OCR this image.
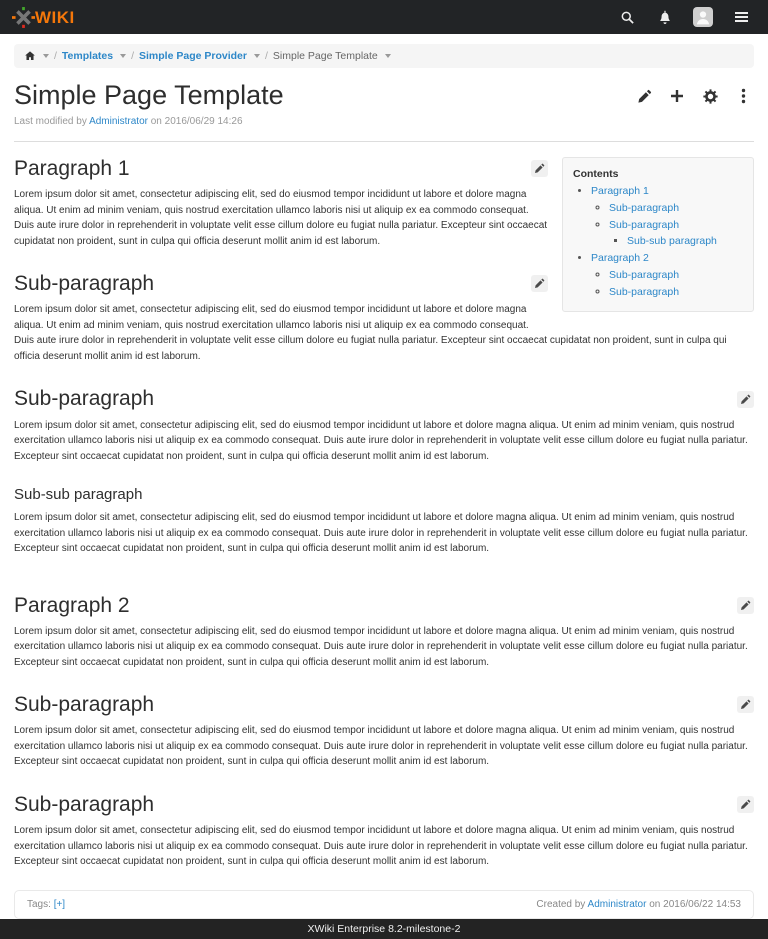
WIKI
/ Templates / Simple Page Provider / Simple Page Template
Simple Page Template

Last modified by Administrator on 2016/06/29 14:26

Contents
• Paragraph 1
◦ Sub-paragraph
◦ Sub-paragraph
▪ Sub-sub paragraph
• Paragraph 2
◦ Sub-paragraph
◦ Sub-paragraph
Paragraph 1

Lorem ipsum dolor sit amet, consectetur adipiscing elit, sed do eiusmod tempor incididunt ut labore et dolore magna aliqua. Ut enim ad minim veniam, quis nostrud exercitation ullamco laboris nisi ut aliquip ex ea commodo consequat. Duis aute irure dolor in reprehenderit in voluptate velit esse cillum dolore eu fugiat nulla pariatur. Excepteur sint occaecat cupidatat non proident, sunt in culpa qui officia deserunt mollit anim id est laborum.

Sub-paragraph

Lorem ipsum dolor sit amet, consectetur adipiscing elit, sed do eiusmod tempor incididunt ut labore et dolore magna aliqua. Ut enim ad minim veniam, quis nostrud exercitation ullamco laboris nisi ut aliquip ex ea commodo consequat. Duis aute irure dolor in reprehenderit in voluptate velit esse cillum dolore eu fugiat nulla pariatur. Excepteur sint occaecat cupidatat non proident, sunt in culpa qui officia deserunt mollit anim id est laborum.

Sub-paragraph

Lorem ipsum dolor sit amet, consectetur adipiscing elit, sed do eiusmod tempor incididunt ut labore et dolore magna aliqua. Ut enim ad minim veniam, quis nostrud exercitation ullamco laboris nisi ut aliquip ex ea commodo consequat. Duis aute irure dolor in reprehenderit in voluptate velit esse cillum dolore eu fugiat nulla pariatur. Excepteur sint occaecat cupidatat non proident, sunt in culpa qui officia deserunt mollit anim id est laborum.

Sub-sub paragraph

Lorem ipsum dolor sit amet, consectetur adipiscing elit, sed do eiusmod tempor incididunt ut labore et dolore magna aliqua. Ut enim ad minim veniam, quis nostrud exercitation ullamco laboris nisi ut aliquip ex ea commodo consequat. Duis aute irure dolor in reprehenderit in voluptate velit esse cillum dolore eu fugiat nulla pariatur. Excepteur sint occaecat cupidatat non proident, sunt in culpa qui officia deserunt mollit anim id est laborum.

Paragraph 2

Lorem ipsum dolor sit amet, consectetur adipiscing elit, sed do eiusmod tempor incididunt ut labore et dolore magna aliqua. Ut enim ad minim veniam, quis nostrud exercitation ullamco laboris nisi ut aliquip ex ea commodo consequat. Duis aute irure dolor in reprehenderit in voluptate velit esse cillum dolore eu fugiat nulla pariatur. Excepteur sint occaecat cupidatat non proident, sunt in culpa qui officia deserunt mollit anim id est laborum.

Sub-paragraph

Lorem ipsum dolor sit amet, consectetur adipiscing elit, sed do eiusmod tempor incididunt ut labore et dolore magna aliqua. Ut enim ad minim veniam, quis nostrud exercitation ullamco laboris nisi ut aliquip ex ea commodo consequat. Duis aute irure dolor in reprehenderit in voluptate velit esse cillum dolore eu fugiat nulla pariatur. Excepteur sint occaecat cupidatat non proident, sunt in culpa qui officia deserunt mollit anim id est laborum.

Sub-paragraph

Lorem ipsum dolor sit amet, consectetur adipiscing elit, sed do eiusmod tempor incididunt ut labore et dolore magna aliqua. Ut enim ad minim veniam, quis nostrud exercitation ullamco laboris nisi ut aliquip ex ea commodo consequat. Duis aute irure dolor in reprehenderit in voluptate velit esse cillum dolore eu fugiat nulla pariatur. Excepteur sint occaecat cupidatat non proident, sunt in culpa qui officia deserunt mollit anim id est laborum.

Tags: [+]	Created by Administrator on 2016/06/22 14:53
XWiki Enterprise 8.2-milestone-2
